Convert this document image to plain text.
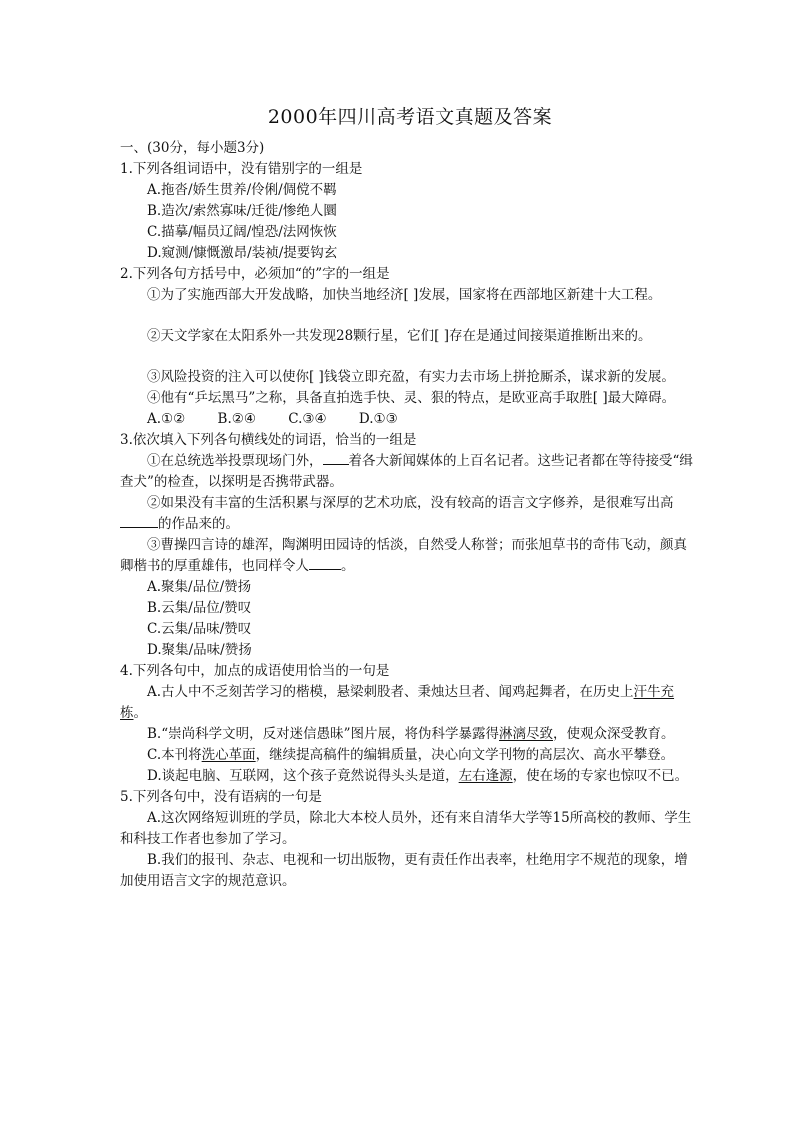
2000年四川高考语文真题及答案
一、(30分，每小题3分)
1.下列各组词语中，没有错别字的一组是
A.拖沓/娇生贯养/伶俐/倜傥不羁
B.造次/索然寡味/迁徙/惨绝人圜
C.描摹/幅员辽阔/惶恐/法网恢恢
D.窥测/慷慨激昂/装祯/提要钩玄
2.下列各句方括号中，必须加“的”字的一组是

①为了实施西部大开发战略，加快当地经济[ ]发展，国家将在西部地区新建十大工程。

②天文学家在太阳系外一共发现28颗行星，它们[ ]存在是通过间接渠道推断出来的。

③风险投资的注入可以使你[ ]钱袋立即充盈，有实力去市场上拼抢厮杀，谋求新的发展。

④他有“乒坛黑马”之称，具备直拍选手快、灵、狠的特点，是欧亚高手取胜[ ]最大障碍。

A.①② B.②④ C.③④ D.①③
3.依次填入下列各句横线处的词语，恰当的一组是

①在总统选举投票现场门外， 着各大新闻媒体的上百名记者。这些记者都在等待接受“缉查犬”的检查，以探明是否携带武器。

②如果没有丰富的生活积累与深厚的艺术功底，没有较高的语言文字修养，是很难写出高的作品来的。

③曹操四言诗的雄浑，陶渊明田园诗的恬淡，自然受人称誉；而张旭草书的奇伟飞动，颜真卿楷书的厚重雄伟，也同样令人 。

A.聚集/品位/赞扬
B.云集/品位/赞叹
C.云集/品味/赞叹
D.聚集/品味/赞扬
4.下列各句中，加点的成语使用恰当的一句是

A.古人中不乏刻苦学习的楷模，悬梁刺股者、秉烛达旦者、闻鸡起舞者，在历史上汗牛充栋。

B.“崇尚科学文明，反对迷信愚昧”图片展，将伪科学暴露得淋漓尽致，使观众深受教育。

C.本刊将洗心革面，继续提高稿件的编辑质量，决心向文学刊物的高层次、高水平攀登。

D.谈起电脑、互联网，这个孩子竟然说得头头是道，左右逢源，使在场的专家也惊叹不已。

5.下列各句中，没有语病的一句是

A.这次网络短训班的学员，除北大本校人员外，还有来自清华大学等15所高校的教师、学生和科技工作者也参加了学习。

B.我们的报刊、杂志、电视和一切出版物，更有责任作出表率，杜绝用字不规范的现象，增加使用语言文字的规范意识。
